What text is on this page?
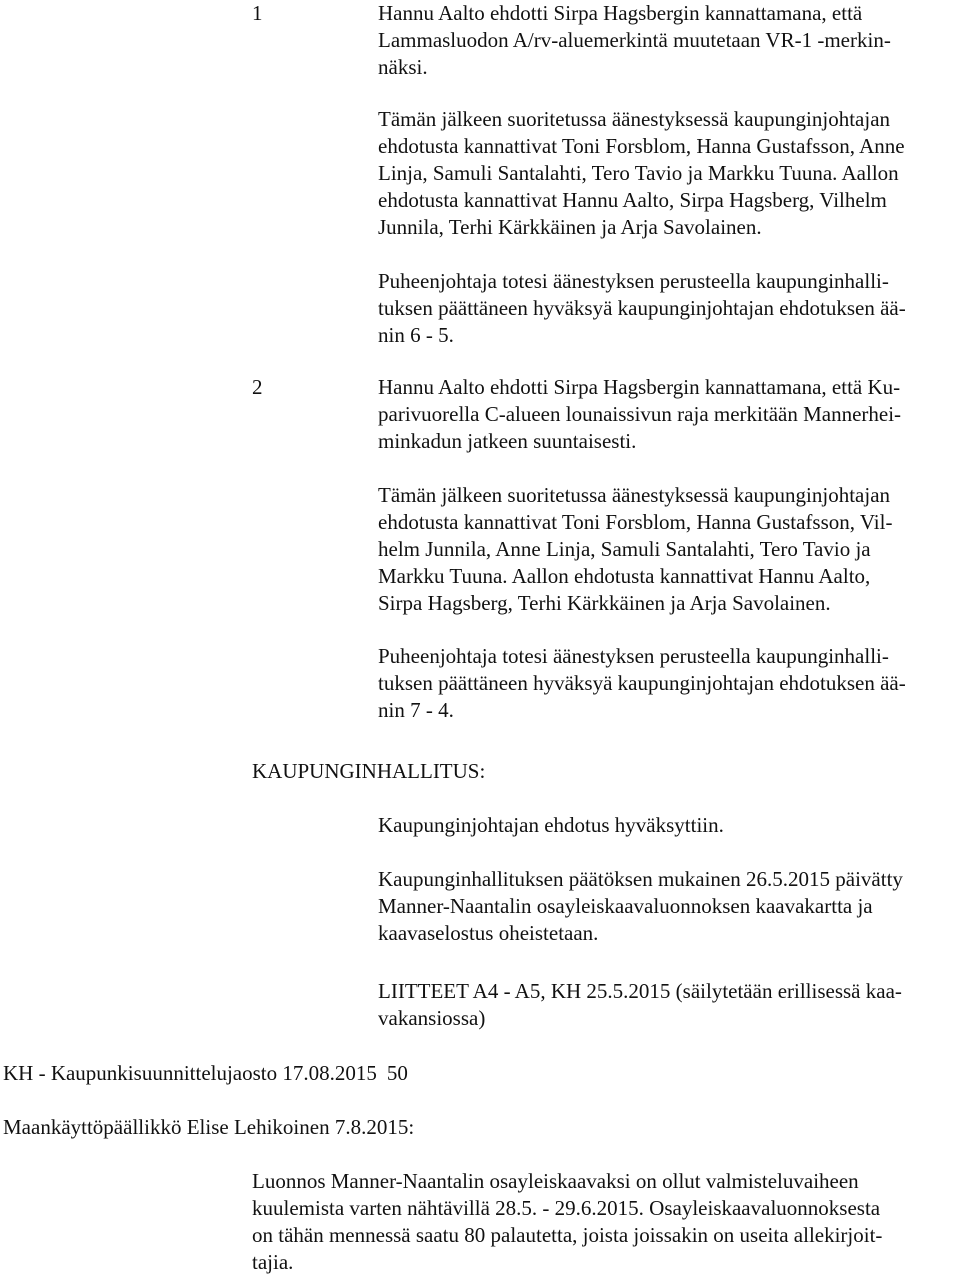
1	Hannu Aalto ehdotti Sirpa Hagsbergin kannattamana, että
Lammasluodon A/rv-aluemerkintä muutetaan VR-1 -merkin-
näksi.
Tämän jälkeen suoritetussa äänestyksessä kaupunginjohtajan
ehdotusta kannattivat Toni Forsblom, Hanna Gustafsson, Anne
Linja, Samuli Santalahti, Tero Tavio ja Markku Tuuna. Aallon
ehdotusta kannattivat Hannu Aalto, Sirpa Hagsberg, Vilhelm
Junnila, Terhi Kärkkäinen ja Arja Savolainen.
Puheenjohtaja totesi äänestyksen perusteella kaupunginhalli-
tuksen päättäneen hyväksyä kaupunginjohtajan ehdotuksen ää-
nin 6 - 5.
2	Hannu Aalto ehdotti Sirpa Hagsbergin kannattamana, että Ku-
parivuorella C-alueen lounaissivun raja merkitään Mannerhei-
minkadun jatkeen suuntaisesti.
Tämän jälkeen suoritetussa äänestyksessä kaupunginjohtajan
ehdotusta kannattivat Toni Forsblom, Hanna Gustafsson, Vil-
helm Junnila, Anne Linja, Samuli Santalahti, Tero Tavio ja
Markku Tuuna. Aallon ehdotusta kannattivat Hannu Aalto,
Sirpa Hagsberg, Terhi Kärkkäinen ja Arja Savolainen.
Puheenjohtaja totesi äänestyksen perusteella kaupunginhalli-
tuksen päättäneen hyväksyä kaupunginjohtajan ehdotuksen ää-
nin 7 - 4.
KAUPUNGINHALLITUS:
Kaupunginjohtajan ehdotus hyväksyttiin.
Kaupunginhallituksen päätöksen mukainen 26.5.2015 päivätty
Manner-Naantalin osayleiskaavaluonnoksen kaavakartta ja
kaavaselostus oheistetaan.
LIITTEET A4 - A5, KH 25.5.2015 (säilytetään erillisessä kaa-
vakansiossa)
KH - Kaupunkisuunnittelujaosto 17.08.2015 50
Maankäyttöpäällikkö Elise Lehikoinen 7.8.2015:
Luonnos Manner-Naantalin osayleiskaavaksi on ollut valmisteluvaiheen
kuulemista varten nähtävillä 28.5. - 29.6.2015. Osayleiskaavaluonnoksesta
on tähän mennessä saatu 80 palautetta, joista joissakin on useita allekirjoit-
tajia.
